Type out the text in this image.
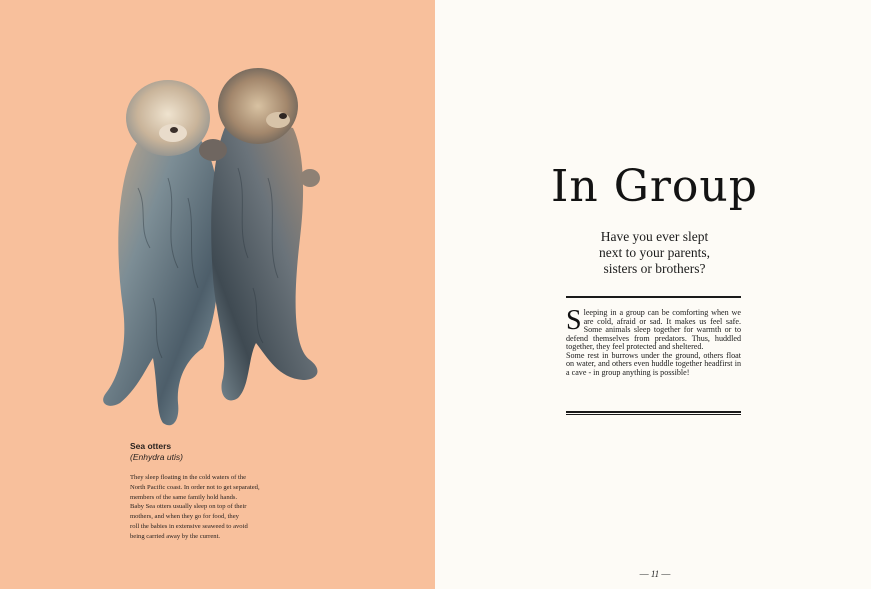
Sea otters
(Enhydra utis)
They sleep floating in the cold waters of the
North Pacific coast. In order not to get separated,
members of the same family hold hands.
Baby Sea otters usually sleep on top of their
mothers, and when they go for food, they
roll the babies in extensive seaweed to avoid
being carried away by the current.
In Group
Have you ever slept
next to your parents,
sisters or brothers?

Sleeping in a group can be comforting when we are cold, afraid or sad. It makes us feel safe. Some animals sleep together for warmth or to defend themselves from predators. Thus, huddled together, they feel protected and sheltered.

Some rest in burrows under the ground, others float on water, and others even huddle together headfirst in a cave - in group anything is possible!

— 11 —
